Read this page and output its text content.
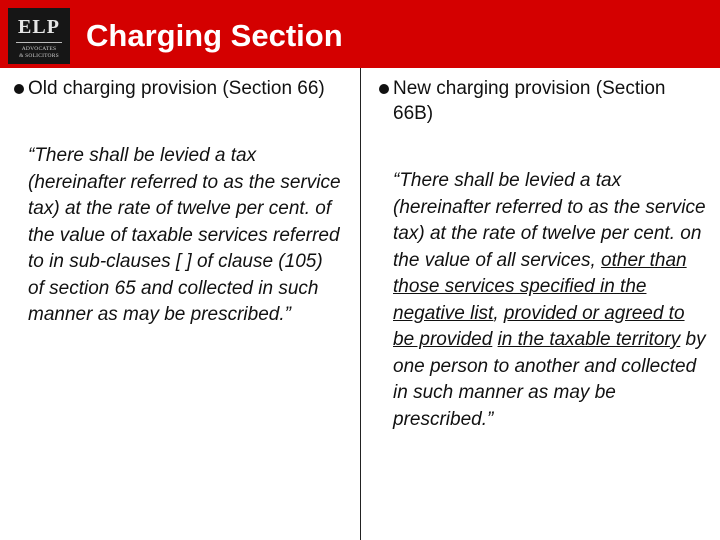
ELP
ADVOCATES
& SOLICITORS
Charging Section
Old charging provision (Section 66)
“There shall be levied a tax (hereinafter referred to as the service tax) at the rate of twelve per cent. of the value of taxable services referred to in sub-clauses [ ] of clause (105) of section 65 and collected in such manner as may be prescribed.”
New charging provision (Section 66B)
“There shall be levied a tax (hereinafter referred to as the service tax) at the rate of twelve per cent. on the value of all services, other than those services specified in the negative list, provided or agreed to be provided in the taxable territory by one person to another and collected in such manner as may be prescribed.”
